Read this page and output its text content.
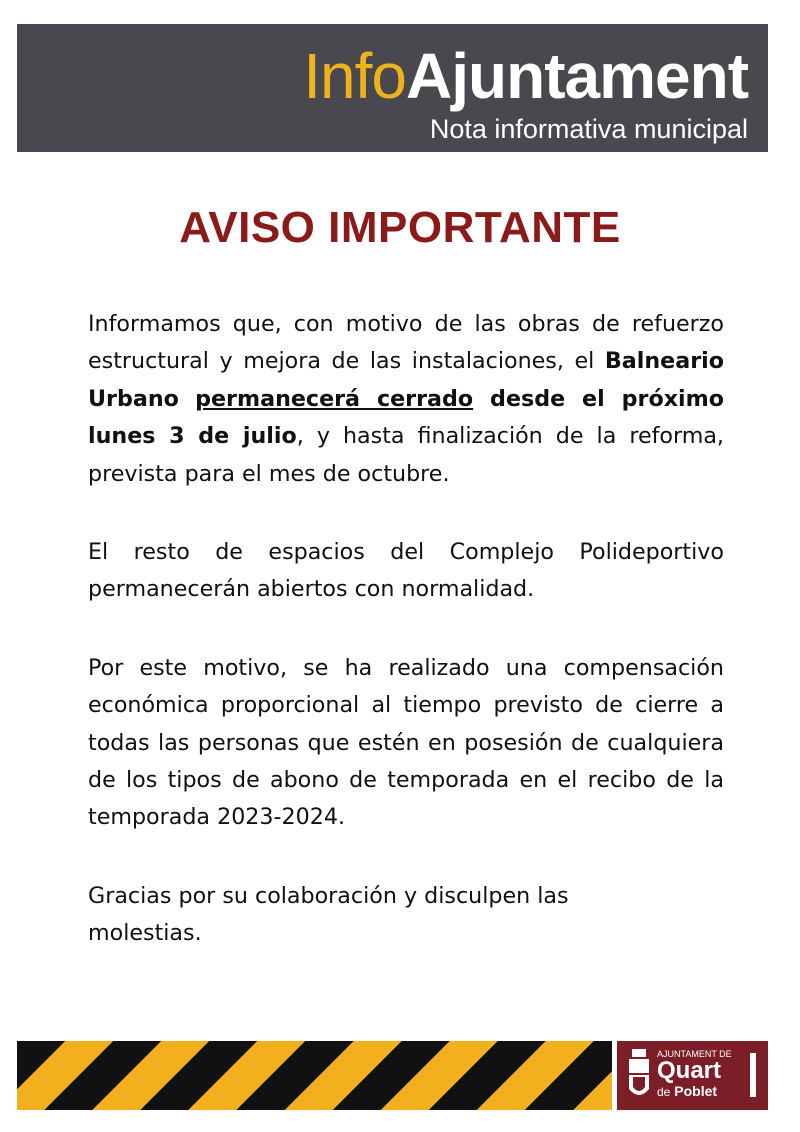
InfoAjuntament
Nota informativa municipal
AVISO IMPORTANTE

Informamos que, con motivo de las obras de refuerzo estructural y mejora de las instalaciones, el Balneario Urbano permanecerá cerrado desde el próximo lunes 3 de julio, y hasta finalización de la reforma, prevista para el mes de octubre.

El resto de espacios del Complejo Polideportivo permanecerán abiertos con normalidad.

Por este motivo, se ha realizado una compensación económica proporcional al tiempo previsto de cierre a todas las personas que estén en posesión de cualquiera de los tipos de abono de temporada en el recibo de la temporada 2023-2024.

Gracias por su colaboración y disculpen las molestias.

AJUNTAMENT DE
Quart
de Poblet
